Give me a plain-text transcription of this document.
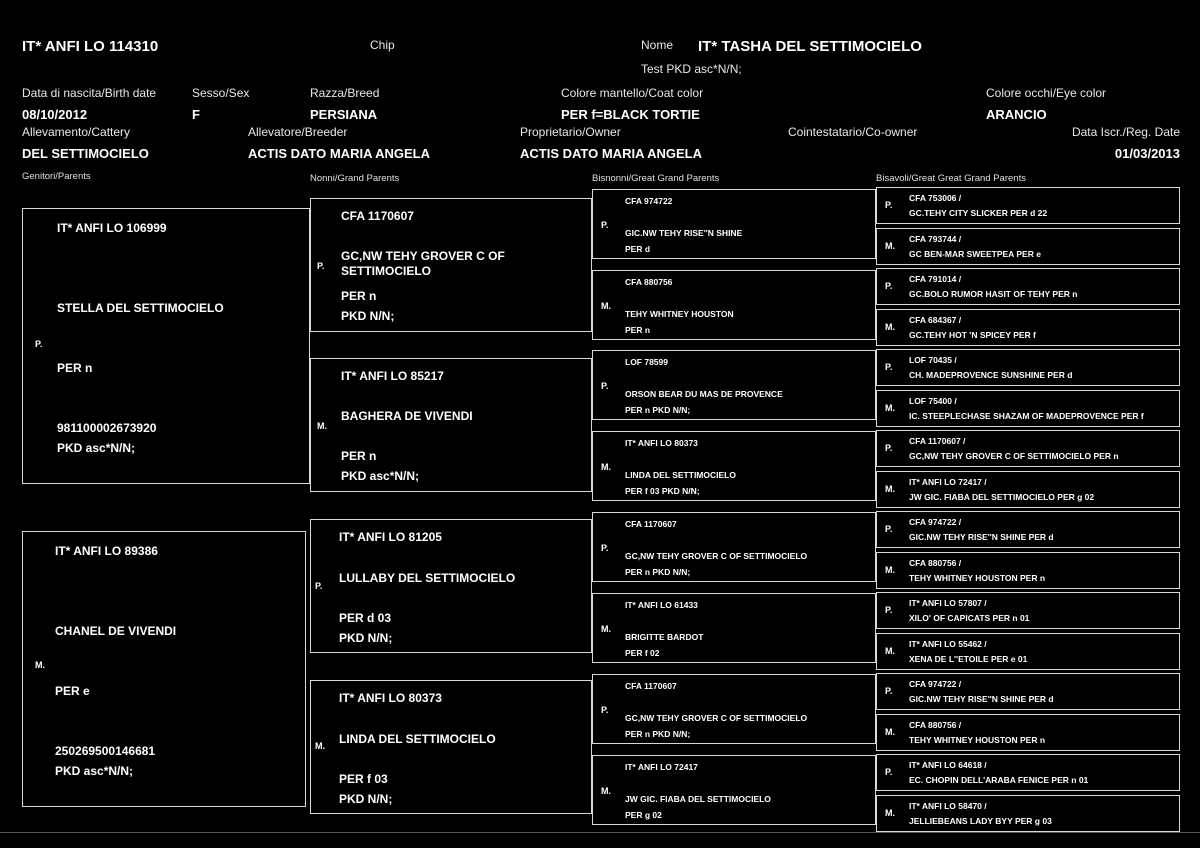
IT* ANFI LO 114310	Chip	Nome IT* TASHA DEL SETTIMOCIELO
Test PKD asc*N/N;
Data di nascita/Birth date
08/10/2012
Sesso/Sex
F
Razza/Breed
PERSIANA
Colore mantello/Coat color
PER f=BLACK TORTIE
Colore occhi/Eye color
ARANCIO
Allevamento/Cattery
DEL SETTIMOCIELO
Allevatore/Breeder
ACTIS DATO MARIA ANGELA
Proprietario/Owner
ACTIS DATO MARIA ANGELA
Cointestatario/Co-owner	Data Iscr./Reg. Date
01/03/2013
Genitori/Parents	Nonni/Grand Parents	Bisnonni/Great Grand Parents	Bisavoli/Great Great Grand Parents
IT* ANFI LO 106999
STELLA DEL SETTIMOCIELO
P.
PER n
981100002673920
PKD asc*N/N;
IT* ANFI LO 89386
CHANEL DE VIVENDI
M.
PER e
250269500146681
PKD asc*N/N;
CFA 1170607
GC,NW TEHY GROVER C OF
SETTIMOCIELO
P.
PER n
PKD N/N;
IT* ANFI LO 85217
BAGHERA DE VIVENDI
M.
PER n
PKD asc*N/N;
IT* ANFI LO 81205
LULLABY DEL SETTIMOCIELO
P.
PER d 03
PKD N/N;
IT* ANFI LO 80373
LINDA DEL SETTIMOCIELO
M.
PER f 03
PKD N/N;
CFA 974722
P.
GIC.NW TEHY RISE''N SHINE
PER d
CFA 880756
M.
TEHY WHITNEY HOUSTON
PER n
LOF 78599
P.
ORSON BEAR DU MAS DE PROVENCE
PER n PKD N/N;
IT* ANFI LO 80373
M.
LINDA DEL SETTIMOCIELO
PER f 03 PKD N/N;
CFA 1170607
P.
GC,NW TEHY GROVER C OF SETTIMOCIELO
PER n PKD N/N;
IT* ANFI LO 61433
M.
BRIGITTE BARDOT
PER f 02
CFA 1170607
P.
GC,NW TEHY GROVER C OF SETTIMOCIELO
PER n PKD N/N;
IT* ANFI LO 72417
M.
JW GIC. FIABA DEL SETTIMOCIELO
PER g 02
P.
CFA 753006 /
GC.TEHY CITY SLICKER PER d 22
M.
CFA 793744 /
GC BEN-MAR SWEETPEA PER e
P.
CFA 791014 /
GC.BOLO RUMOR HASIT OF TEHY PER n
M.
CFA 684367 /
GC.TEHY HOT 'N SPICEY PER f
P.
LOF 70435 /
CH. MADEPROVENCE SUNSHINE PER d
M.
LOF 75400 /
IC. STEEPLECHASE SHAZAM OF MADEPROVENCE PER f
P.
CFA 1170607 /
GC,NW TEHY GROVER C OF SETTIMOCIELO PER n
M.
IT* ANFI LO 72417 /
JW GIC. FIABA DEL SETTIMOCIELO PER g 02
P.
CFA 974722 /
GIC.NW TEHY RISE''N SHINE PER d
M.
CFA 880756 /
TEHY WHITNEY HOUSTON PER n
P.
IT* ANFI LO 57807 /
XILO' OF CAPICATS PER n 01
M.
IT* ANFI LO 55462 /
XENA DE L''ETOILE PER e 01
P.
CFA 974722 /
GIC.NW TEHY RISE''N SHINE PER d
M.
CFA 880756 /
TEHY WHITNEY HOUSTON PER n
P.
IT* ANFI LO 64618 /
EC. CHOPIN DELL'ARABA FENICE PER n 01
M.
IT* ANFI LO 58470 /
JELLIEBEANS LADY BYY PER g 03
